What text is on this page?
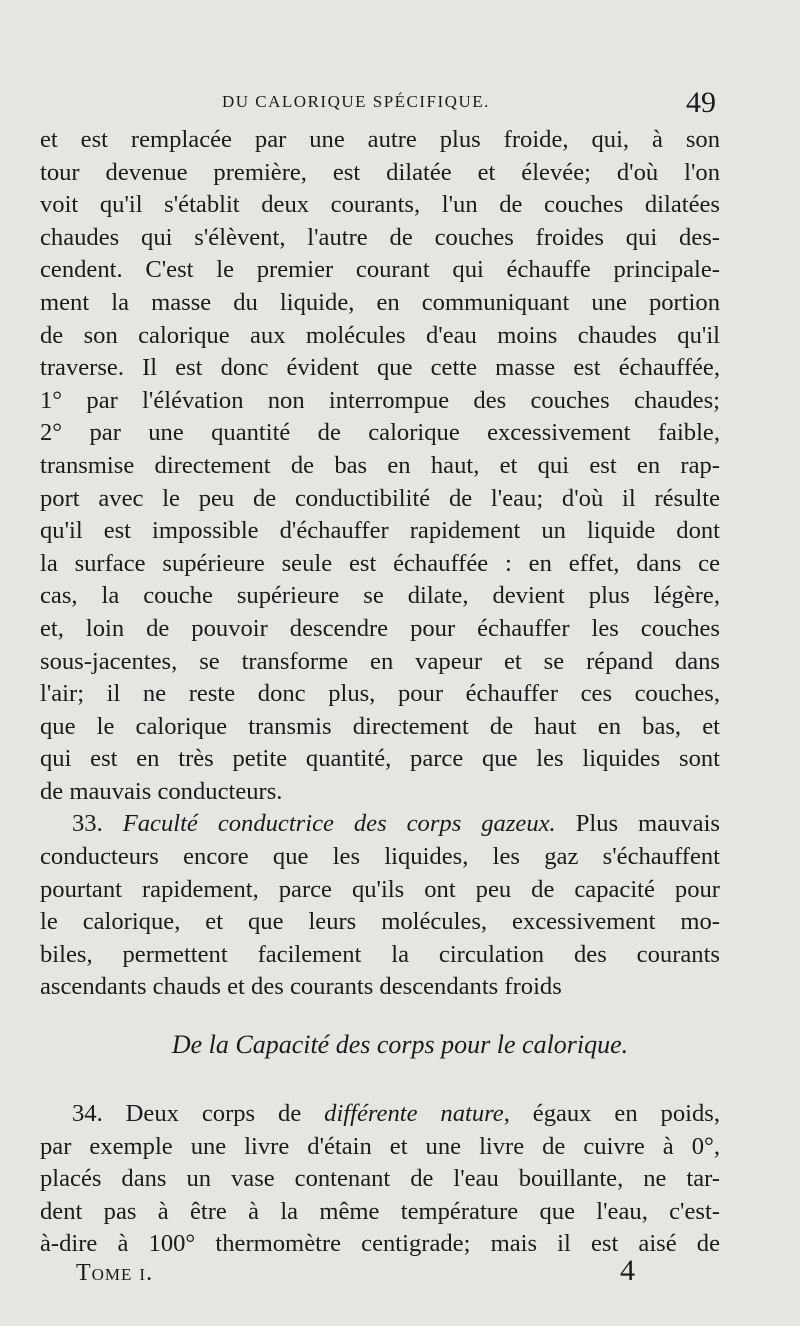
DU CALORIQUE SPÉCIFIQUE.	49
et est remplacée par une autre plus froide, qui, à son
tour devenue première, est dilatée et élevée; d'où l'on
voit qu'il s'établit deux courants, l'un de couches dilatées
chaudes qui s'élèvent, l'autre de couches froides qui des-
cendent. C'est le premier courant qui échauffe principale-
ment la masse du liquide, en communiquant une portion
de son calorique aux molécules d'eau moins chaudes qu'il
traverse. Il est donc évident que cette masse est échauffée,
1° par l'élévation non interrompue des couches chaudes;
2° par une quantité de calorique excessivement faible,
transmise directement de bas en haut, et qui est en rap-
port avec le peu de conductibilité de l'eau; d'où il résulte
qu'il est impossible d'échauffer rapidement un liquide dont
la surface supérieure seule est échauffée : en effet, dans ce
cas, la couche supérieure se dilate, devient plus légère,
et, loin de pouvoir descendre pour échauffer les couches
sous-jacentes, se transforme en vapeur et se répand dans
l'air; il ne reste donc plus, pour échauffer ces couches,
que le calorique transmis directement de haut en bas, et
qui est en très petite quantité, parce que les liquides sont
de mauvais conducteurs.
33. Faculté conductrice des corps gazeux. Plus mauvais
conducteurs encore que les liquides, les gaz s'échauffent
pourtant rapidement, parce qu'ils ont peu de capacité pour
le calorique, et que leurs molécules, excessivement mo-
biles, permettent facilement la circulation des courants
ascendants chauds et des courants descendants froids
De la Capacité des corps pour le calorique.
34. Deux corps de différente nature, égaux en poids,
par exemple une livre d'étain et une livre de cuivre à 0°,
placés dans un vase contenant de l'eau bouillante, ne tar-
dent pas à être à la même température que l'eau, c'est-
à-dire à 100° thermomètre centigrade; mais il est aisé de
Tome i.	4
